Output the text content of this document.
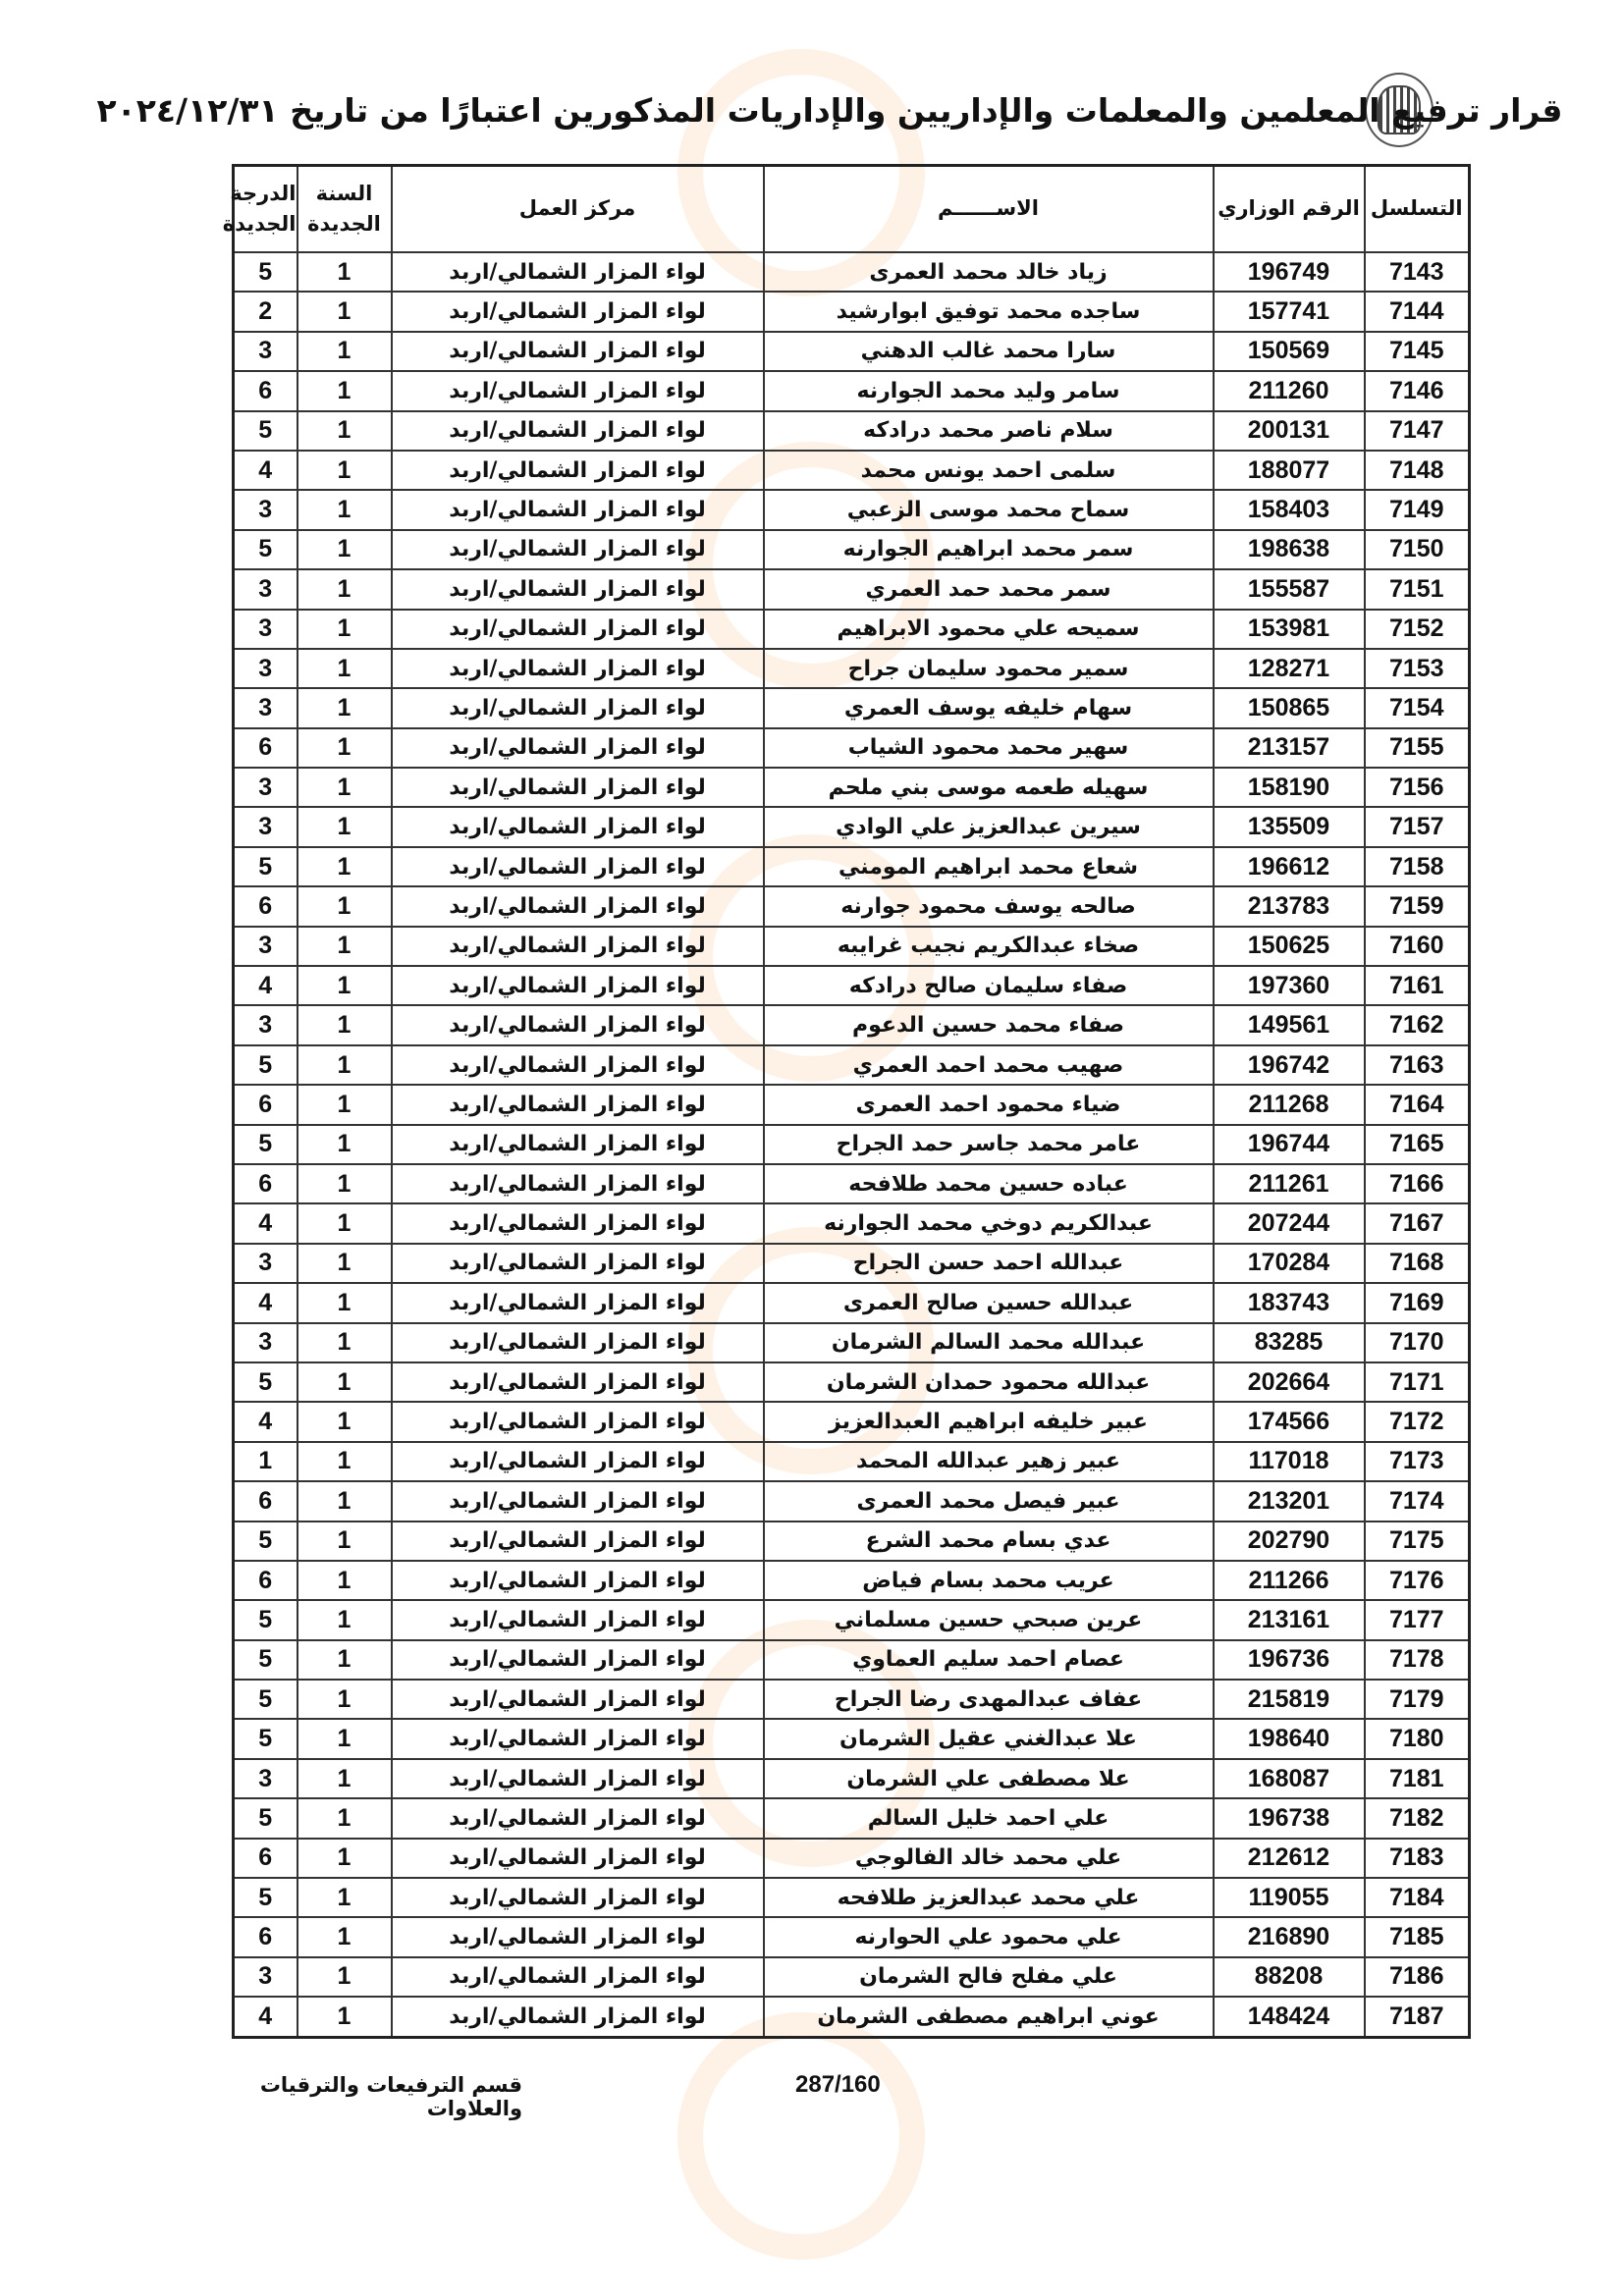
قرار ترفيع المعلمين والمعلمات والإداريين والإداريات المذكورين اعتبارًا من تاريخ ٢٠٢٤/١٢/٣١
التسلسل	الرقم الوزاري	الاســــــم	مركز العمل	السنة الجديدة	الدرجة الجديدة
7143	196749	زياد خالد محمد العمرى	لواء المزار الشمالي/اربد	1	5
7144	157741	ساجده محمد توفيق ابوارشيد	لواء المزار الشمالي/اربد	1	2
7145	150569	سارا محمد غالب الدهني	لواء المزار الشمالي/اربد	1	3
7146	211260	سامر وليد محمد الجوارنه	لواء المزار الشمالي/اربد	1	6
7147	200131	سلام ناصر محمد درادكه	لواء المزار الشمالي/اربد	1	5
7148	188077	سلمى احمد يونس محمد	لواء المزار الشمالي/اربد	1	4
7149	158403	سماح محمد موسى الزعبي	لواء المزار الشمالي/اربد	1	3
7150	198638	سمر محمد ابراهيم الجوارنه	لواء المزار الشمالي/اربد	1	5
7151	155587	سمر محمد حمد العمري	لواء المزار الشمالي/اربد	1	3
7152	153981	سميحه علي محمود الابراهيم	لواء المزار الشمالي/اربد	1	3
7153	128271	سمير محمود سليمان جراح	لواء المزار الشمالي/اربد	1	3
7154	150865	سهام خليفه يوسف العمري	لواء المزار الشمالي/اربد	1	3
7155	213157	سهير محمد محمود الشياب	لواء المزار الشمالي/اربد	1	6
7156	158190	سهيله طعمه موسى بني ملحم	لواء المزار الشمالي/اربد	1	3
7157	135509	سيرين عبدالعزيز علي الوادي	لواء المزار الشمالي/اربد	1	3
7158	196612	شعاع محمد ابراهيم المومني	لواء المزار الشمالي/اربد	1	5
7159	213783	صالحه يوسف محمود جوارنه	لواء المزار الشمالي/اربد	1	6
7160	150625	صخاء عبدالكريم نجيب غرايبه	لواء المزار الشمالي/اربد	1	3
7161	197360	صفاء سليمان صالح درادكه	لواء المزار الشمالي/اربد	1	4
7162	149561	صفاء محمد حسين الدعوم	لواء المزار الشمالي/اربد	1	3
7163	196742	صهيب محمد احمد العمري	لواء المزار الشمالي/اربد	1	5
7164	211268	ضياء محمود احمد العمرى	لواء المزار الشمالي/اربد	1	6
7165	196744	عامر محمد جاسر حمد الجراح	لواء المزار الشمالي/اربد	1	5
7166	211261	عباده حسين محمد طلافحه	لواء المزار الشمالي/اربد	1	6
7167	207244	عبدالكريم دوخي محمد الجوارنه	لواء المزار الشمالي/اربد	1	4
7168	170284	عبدالله احمد حسن الجراح	لواء المزار الشمالي/اربد	1	3
7169	183743	عبدالله حسين صالح العمرى	لواء المزار الشمالي/اربد	1	4
7170	83285	عبدالله محمد السالم الشرمان	لواء المزار الشمالي/اربد	1	3
7171	202664	عبدالله محمود حمدان الشرمان	لواء المزار الشمالي/اربد	1	5
7172	174566	عبير خليفه ابراهيم العبدالعزيز	لواء المزار الشمالي/اربد	1	4
7173	117018	عبير زهير عبدالله المحمد	لواء المزار الشمالي/اربد	1	1
7174	213201	عبير فيصل محمد العمرى	لواء المزار الشمالي/اربد	1	6
7175	202790	عدي بسام محمد الشرع	لواء المزار الشمالي/اربد	1	5
7176	211266	عريب محمد بسام فياض	لواء المزار الشمالي/اربد	1	6
7177	213161	عرين صبحي حسين مسلماني	لواء المزار الشمالي/اربد	1	5
7178	196736	عصام احمد سليم العماوي	لواء المزار الشمالي/اربد	1	5
7179	215819	عفاف عبدالمهدى رضا الجراح	لواء المزار الشمالي/اربد	1	5
7180	198640	علا عبدالغني عقيل الشرمان	لواء المزار الشمالي/اربد	1	5
7181	168087	علا مصطفى علي الشرمان	لواء المزار الشمالي/اربد	1	3
7182	196738	علي احمد خليل السالم	لواء المزار الشمالي/اربد	1	5
7183	212612	علي محمد خالد الفالوجي	لواء المزار الشمالي/اربد	1	6
7184	119055	علي محمد عبدالعزيز طلافحه	لواء المزار الشمالي/اربد	1	5
7185	216890	علي محمود علي الحوارنه	لواء المزار الشمالي/اربد	1	6
7186	88208	علي مفلح فالح الشرمان	لواء المزار الشمالي/اربد	1	3
7187	148424	عوني ابراهيم مصطفى الشرمان	لواء المزار الشمالي/اربد	1	4
287/160
قسم الترفيعات والترقيات والعلاوات
